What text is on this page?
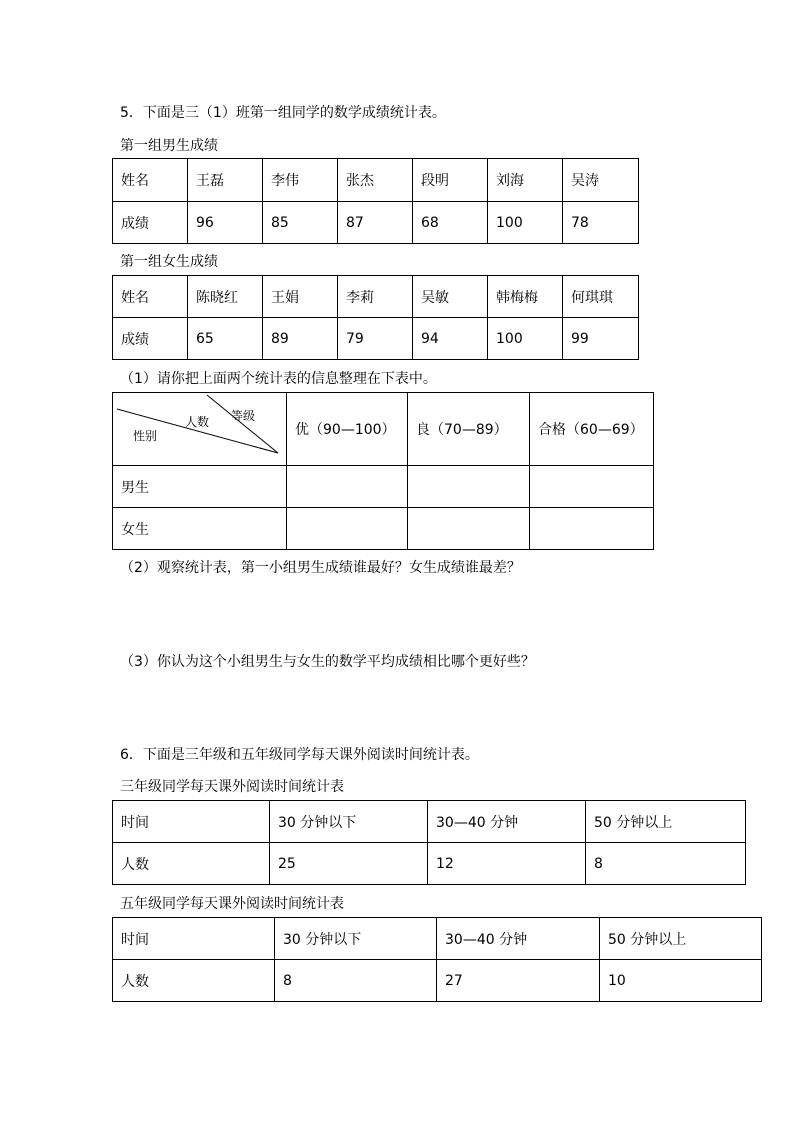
5．下面是三（1）班第一组同学的数学成绩统计表。
第一组男生成绩
姓名	王磊	李伟	张杰	段明	刘海	吴涛
成绩	96	85	87	68	100	78
第一组女生成绩
姓名	陈晓红	王娟	李莉	吴敏	韩梅梅	何琪琪
成绩	65	89	79	94	100	99
（1）请你把上面两个统计表的信息整理在下表中。
等级
人数
性别	优（90—100）	良（70—89）	合格（60—69）
男生			
女生			
（2）观察统计表，第一小组男生成绩谁最好？女生成绩谁最差？
（3）你认为这个小组男生与女生的数学平均成绩相比哪个更好些？
6．下面是三年级和五年级同学每天课外阅读时间统计表。
三年级同学每天课外阅读时间统计表
时间	30 分钟以下	30—40 分钟	50 分钟以上
人数	25	12	8
五年级同学每天课外阅读时间统计表
时间	30 分钟以下	30—40 分钟	50 分钟以上
人数	8	27	10
